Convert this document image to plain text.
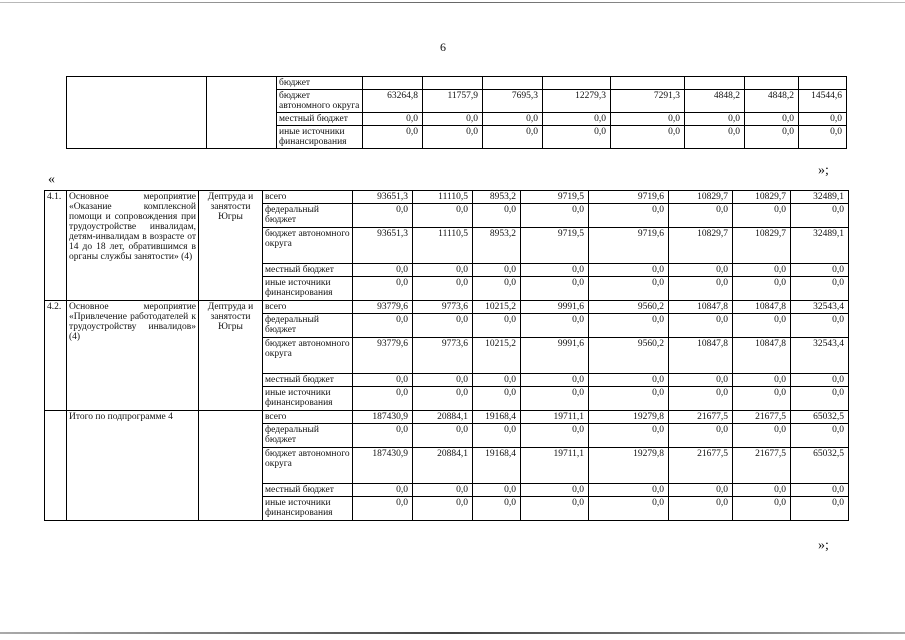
6
		бюджет								
		бюджет автономного округа	63264,8	11757,9	7695,3	12279,3	7291,3	4848,2	4848,2	14544,6
		местный бюджет	0,0	0,0	0,0	0,0	0,0	0,0	0,0	0,0
		иные источники финансирования	0,0	0,0	0,0	0,0	0,0	0,0	0,0	0,0
»;
«
4.1.	Основное мероприятие «Оказание комплексной помощи и сопровождения при трудоустройстве инвалидам, детям-инвалидам в возрасте от 14 до 18 лет, обратившимся в органы службы занятости» (4)	Дептруда и занятости Югры	всего	93651,3	11110,5	8953,2	9719,5	9719,6	10829,7	10829,7	32489,1
			федеральный бюджет	0,0	0,0	0,0	0,0	0,0	0,0	0,0	0,0
			бюджет автономного округа	93651,3	11110,5	8953,2	9719,5	9719,6	10829,7	10829,7	32489,1
			местный бюджет	0,0	0,0	0,0	0,0	0,0	0,0	0,0	0,0
			иные источники финансирования	0,0	0,0	0,0	0,0	0,0	0,0	0,0	0,0
4.2.	Основное мероприятие «Привлечение работодателей к трудоустройству инвалидов» (4)	Дептруда и занятости Югры	всего	93779,6	9773,6	10215,2	9991,6	9560,2	10847,8	10847,8	32543,4
			федеральный бюджет	0,0	0,0	0,0	0,0	0,0	0,0	0,0	0,0
			бюджет автономного округа	93779,6	9773,6	10215,2	9991,6	9560,2	10847,8	10847,8	32543,4
			местный бюджет	0,0	0,0	0,0	0,0	0,0	0,0	0,0	0,0
			иные источники финансирования	0,0	0,0	0,0	0,0	0,0	0,0	0,0	0,0
	Итого по подпрограмме 4		всего	187430,9	20884,1	19168,4	19711,1	19279,8	21677,5	21677,5	65032,5
			федеральный бюджет	0,0	0,0	0,0	0,0	0,0	0,0	0,0	0,0
			бюджет автономного округа	187430,9	20884,1	19168,4	19711,1	19279,8	21677,5	21677,5	65032,5
			местный бюджет	0,0	0,0	0,0	0,0	0,0	0,0	0,0	0,0
			иные источники финансирования	0,0	0,0	0,0	0,0	0,0	0,0	0,0	0,0
»;
